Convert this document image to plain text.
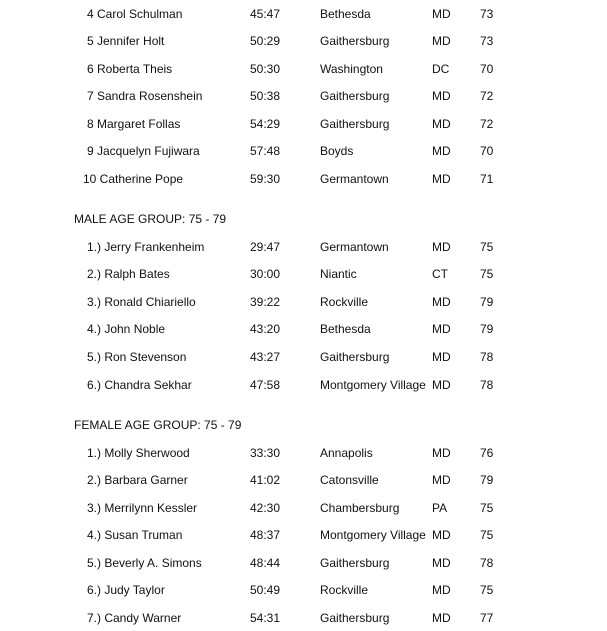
4 Carol Schulman	45:47	Bethesda	MD 73
5 Jennifer Holt	50:29	Gaithersburg	MD 73
6 Roberta Theis	50:30	Washington	DC	70
7 Sandra Rosenshein	50:38	Gaithersburg	MD 72
8 Margaret Follas	54:29	Gaithersburg	MD 72
9 Jacquelyn Fujiwara	57:48	Boyds	MD 70
10 Catherine Pope	59:30	Germantown	MD 71
MALE AGE GROUP: 75 - 79
1.) Jerry Frankenheim	29:47	Germantown	MD 75
2.) Ralph Bates	30:00	Niantic	CT	75
3.) Ronald Chiariello	39:22	Rockville	MD 79
4.) John Noble	43:20	Bethesda	MD 79
5.) Ron Stevenson	43:27	Gaithersburg	MD 78
6.) Chandra Sekhar	47:58	Montgomery Village MD 78
FEMALE AGE GROUP: 75 - 79
1.) Molly Sherwood	33:30	Annapolis	MD 76
2.) Barbara Garner	41:02	Catonsville	MD 79
3.) Merrilynn Kessler	42:30	Chambersburg	PA	75
4.) Susan Truman	48:37	Montgomery Village MD 75
5.) Beverly A. Simons	48:44	Gaithersburg	MD 78
6.) Judy Taylor	50:49	Rockville	MD 75
7.) Candy Warner	54:31	Gaithersburg	MD 77
